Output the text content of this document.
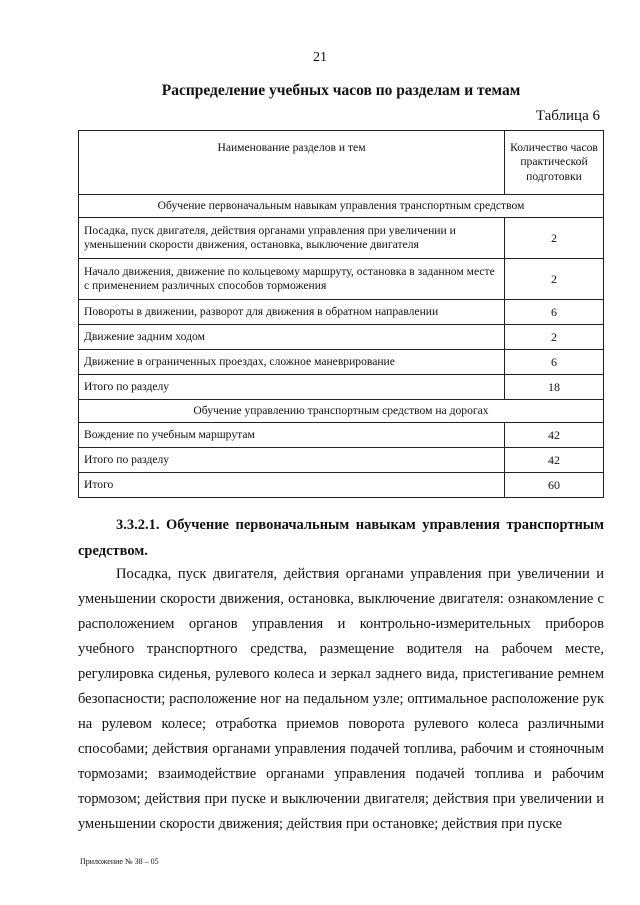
21
Распределение учебных часов по разделам и темам
Таблица 6
Наименование разделов и тем	Количество часов практической подготовки
Обучение первоначальным навыкам управления транспортным средством	
Посадка, пуск двигателя, действия органами управления при увеличении и уменьшении скорости движения, остановка, выключение двигателя	2
Начало движения, движение по кольцевому маршруту, остановка в заданном месте с применением различных способов торможения	2
Повороты в движении, разворот для движения в обратном направлении	6
Движение задним ходом	2
Движение в ограниченных проездах, сложное маневрирование	6
Итого по разделу	18
Обучение управлению транспортным средством на дорогах	
Вождение по учебным маршрутам	42
Итого по разделу	42
Итого	60
3.3.2.1. Обучение первоначальным навыкам управления транспортным средством.

Посадка, пуск двигателя, действия органами управления при увеличении и уменьшении скорости движения, остановка, выключение двигателя: ознакомление с расположением органов управления и контрольно-измерительных приборов учебного транспортного средства, размещение водителя на рабочем месте, регулировка сиденья, рулевого колеса и зеркал заднего вида, пристегивание ремнем безопасности; расположение ног на педальном узле; оптимальное расположение рук на рулевом колесе; отработка приемов поворота рулевого колеса различными способами; действия органами управления подачей топлива, рабочим и стояночным тормозами; взаимодействие органами управления подачей топлива и рабочим тормозом; действия при пуске и выключении двигателя; действия при увеличении и уменьшении скорости движения; действия при остановке; действия при пуске

Приложение № 38 – 05
